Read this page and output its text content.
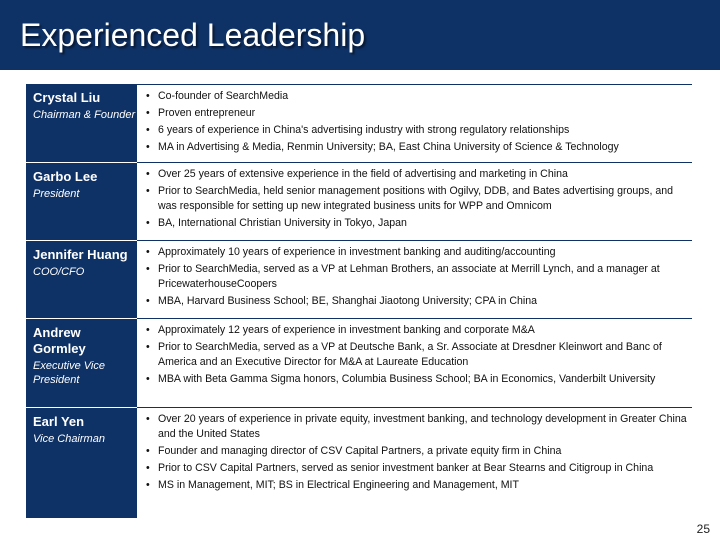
Experienced Leadership
Crystal Liu
Chairman & Founder
• Co-founder of SearchMedia
• Proven entrepreneur
• 6 years of experience in China's advertising industry with strong regulatory relationships
• MA in Advertising & Media, Renmin University; BA, East China University of Science & Technology
Garbo Lee
President
• Over 25 years of extensive experience in the field of advertising and marketing in China
• Prior to SearchMedia, held senior management positions with Ogilvy, DDB, and Bates advertising groups, and was responsible for setting up new integrated business units for WPP and Omnicom
• BA, International Christian University in Tokyo, Japan
Jennifer Huang
COO/CFO
• Approximately 10 years of experience in investment banking and auditing/accounting
• Prior to SearchMedia, served as a VP at Lehman Brothers, an associate at Merrill Lynch, and a manager at PricewaterhouseCoopers
• MBA, Harvard Business School; BE, Shanghai Jiaotong University; CPA in China
Andrew Gormley
Executive Vice President
• Approximately 12 years of experience in investment banking and corporate M&A
• Prior to SearchMedia, served as a VP at Deutsche Bank, a Sr. Associate at Dresdner Kleinwort and Banc of America and an Executive Director for M&A at Laureate Education
• MBA with Beta Gamma Sigma honors, Columbia Business School; BA in Economics, Vanderbilt University
Earl Yen
Vice Chairman
• Over 20 years of experience in private equity, investment banking, and technology development in Greater China and the United States
• Founder and managing director of CSV Capital Partners, a private equity firm in China
• Prior to CSV Capital Partners, served as senior investment banker at Bear Stearns and Citigroup in China
• MS in Management, MIT; BS in Electrical Engineering and Management, MIT
25
